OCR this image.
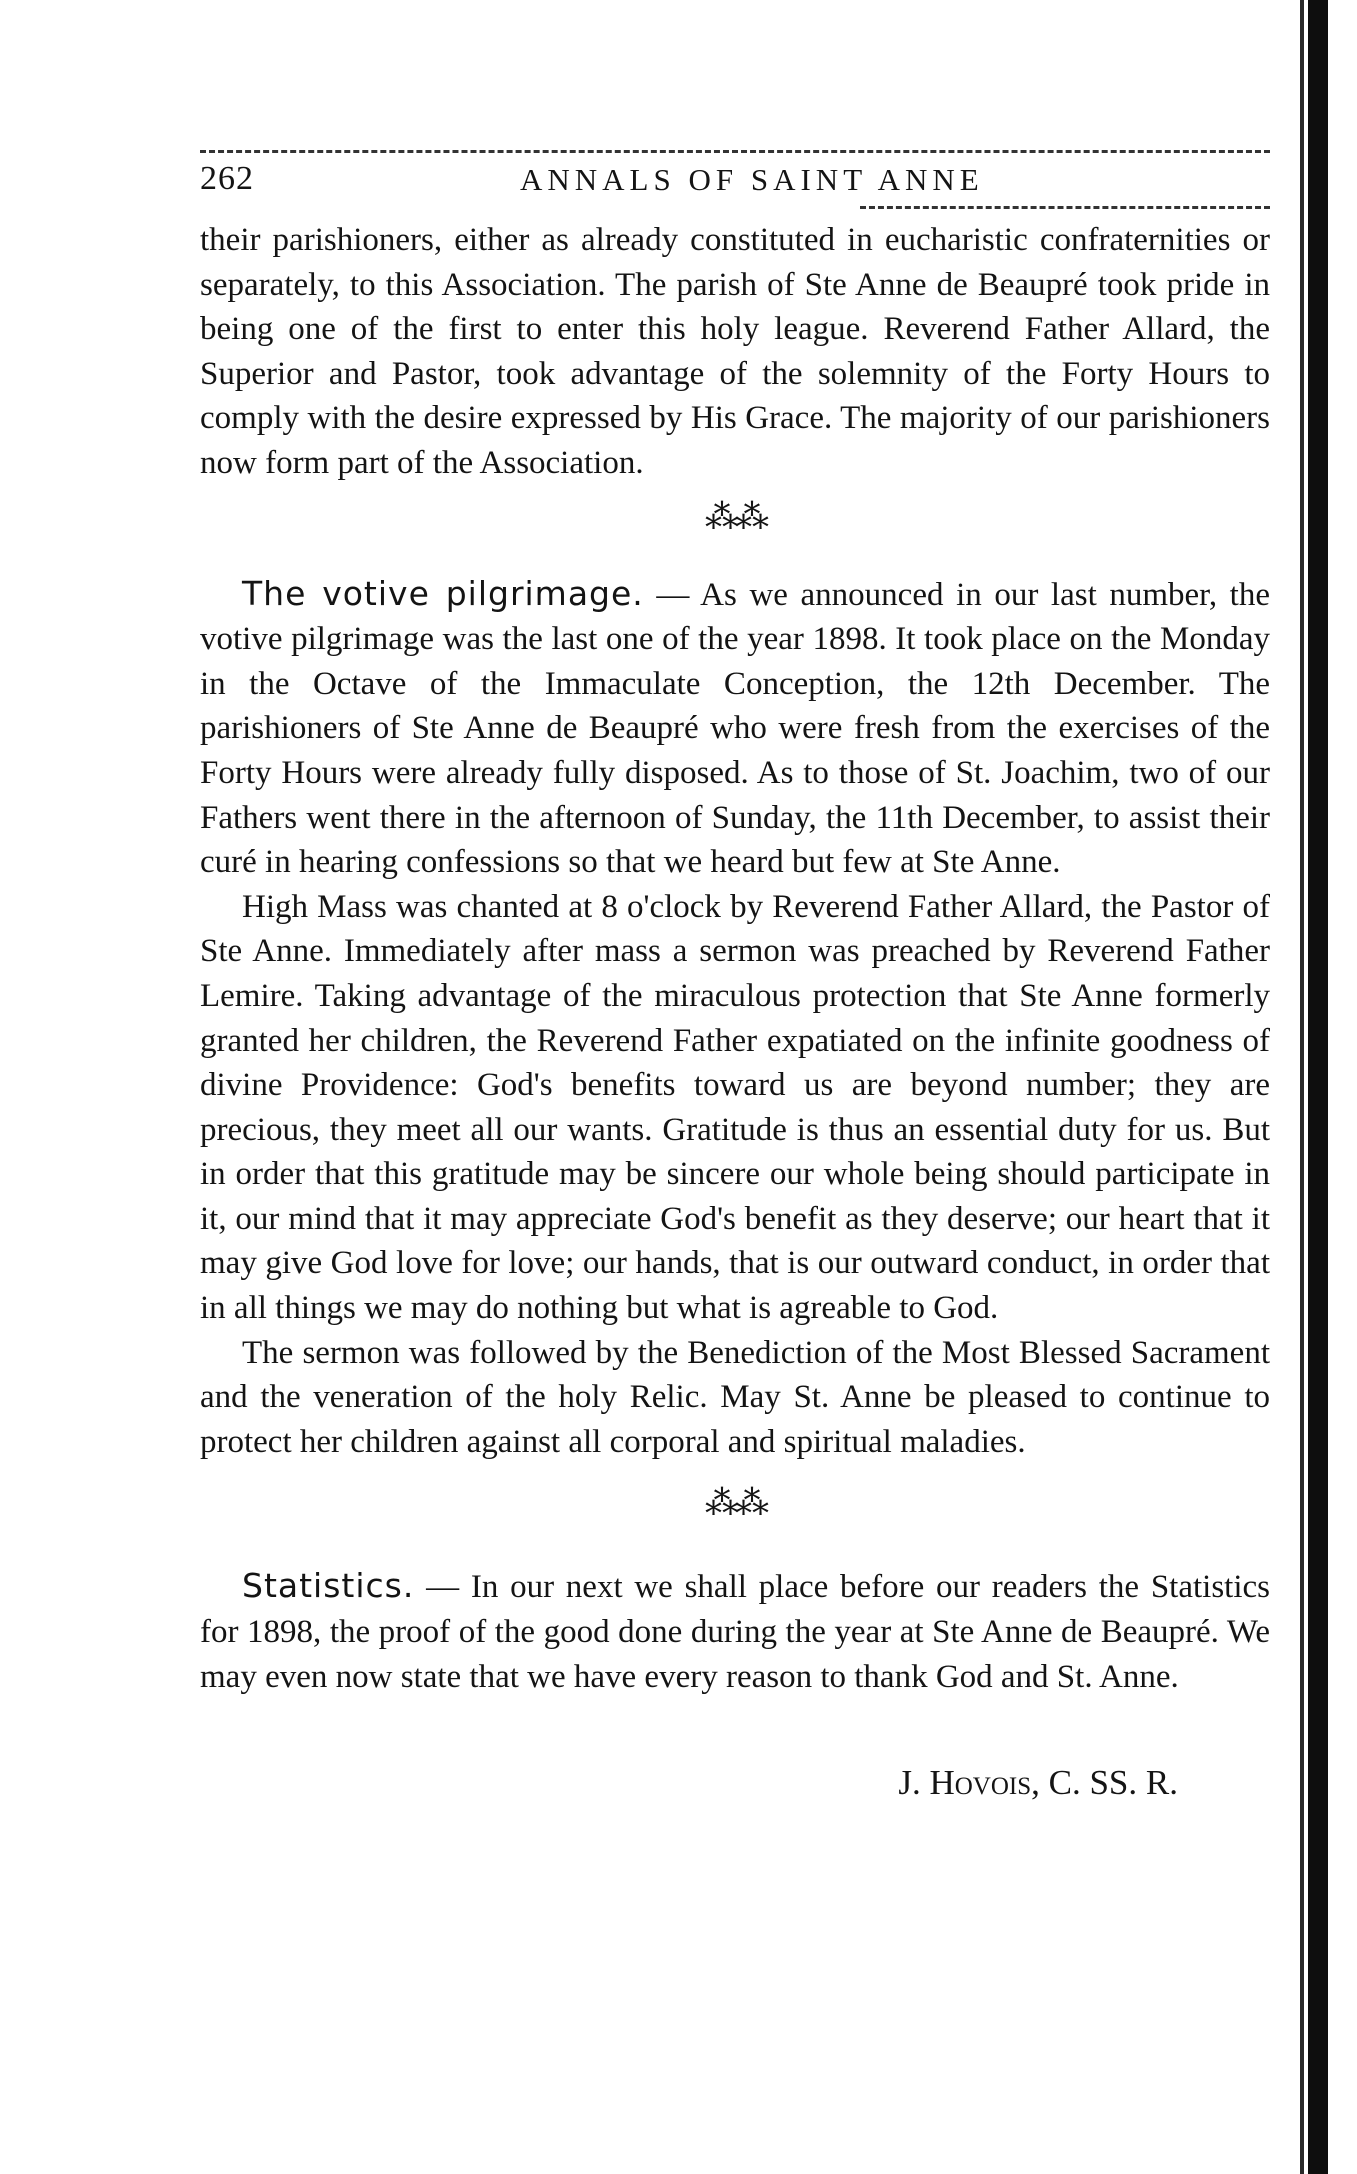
262	ANNALS OF SAINT ANNE

their parishioners, either as already constituted in eucharistic confraternities or separately, to this Association. The parish of Ste Anne de Beaupré took pride in being one of the first to enter this holy league. Reverend Father Allard, the Superior and Pastor, took advantage of the solemnity of the Forty Hours to comply with the desire expressed by His Grace. The majority of our parishioners now form part of the Association.

⁂⁂

The votive pilgrimage. — As we announced in our last number, the votive pilgrimage was the last one of the year 1898. It took place on the Monday in the Octave of the Immaculate Conception, the 12th December. The parishioners of Ste Anne de Beaupré who were fresh from the exercises of the Forty Hours were already fully disposed. As to those of St. Joachim, two of our Fathers went there in the afternoon of Sunday, the 11th December, to assist their curé in hearing confessions so that we heard but few at Ste Anne.

High Mass was chanted at 8 o'clock by Reverend Father Allard, the Pastor of Ste Anne. Immediately after mass a sermon was preached by Reverend Father Lemire. Taking advantage of the miraculous protection that Ste Anne formerly granted her children, the Reverend Father expatiated on the infinite goodness of divine Providence: God's benefits toward us are beyond number; they are precious, they meet all our wants. Gratitude is thus an essential duty for us. But in order that this gratitude may be sincere our whole being should participate in it, our mind that it may appreciate God's benefit as they deserve; our heart that it may give God love for love; our hands, that is our outward conduct, in order that in all things we may do nothing but what is agreable to God.

The sermon was followed by the Benediction of the Most Blessed Sacrament and the veneration of the holy Relic. May St. Anne be pleased to continue to protect her children against all corporal and spiritual maladies.

⁂⁂

Statistics. — In our next we shall place before our readers the Statistics for 1898, the proof of the good done during the year at Ste Anne de Beaupré. We may even now state that we have every reason to thank God and St. Anne.

J. Hovois, C. SS. R.
